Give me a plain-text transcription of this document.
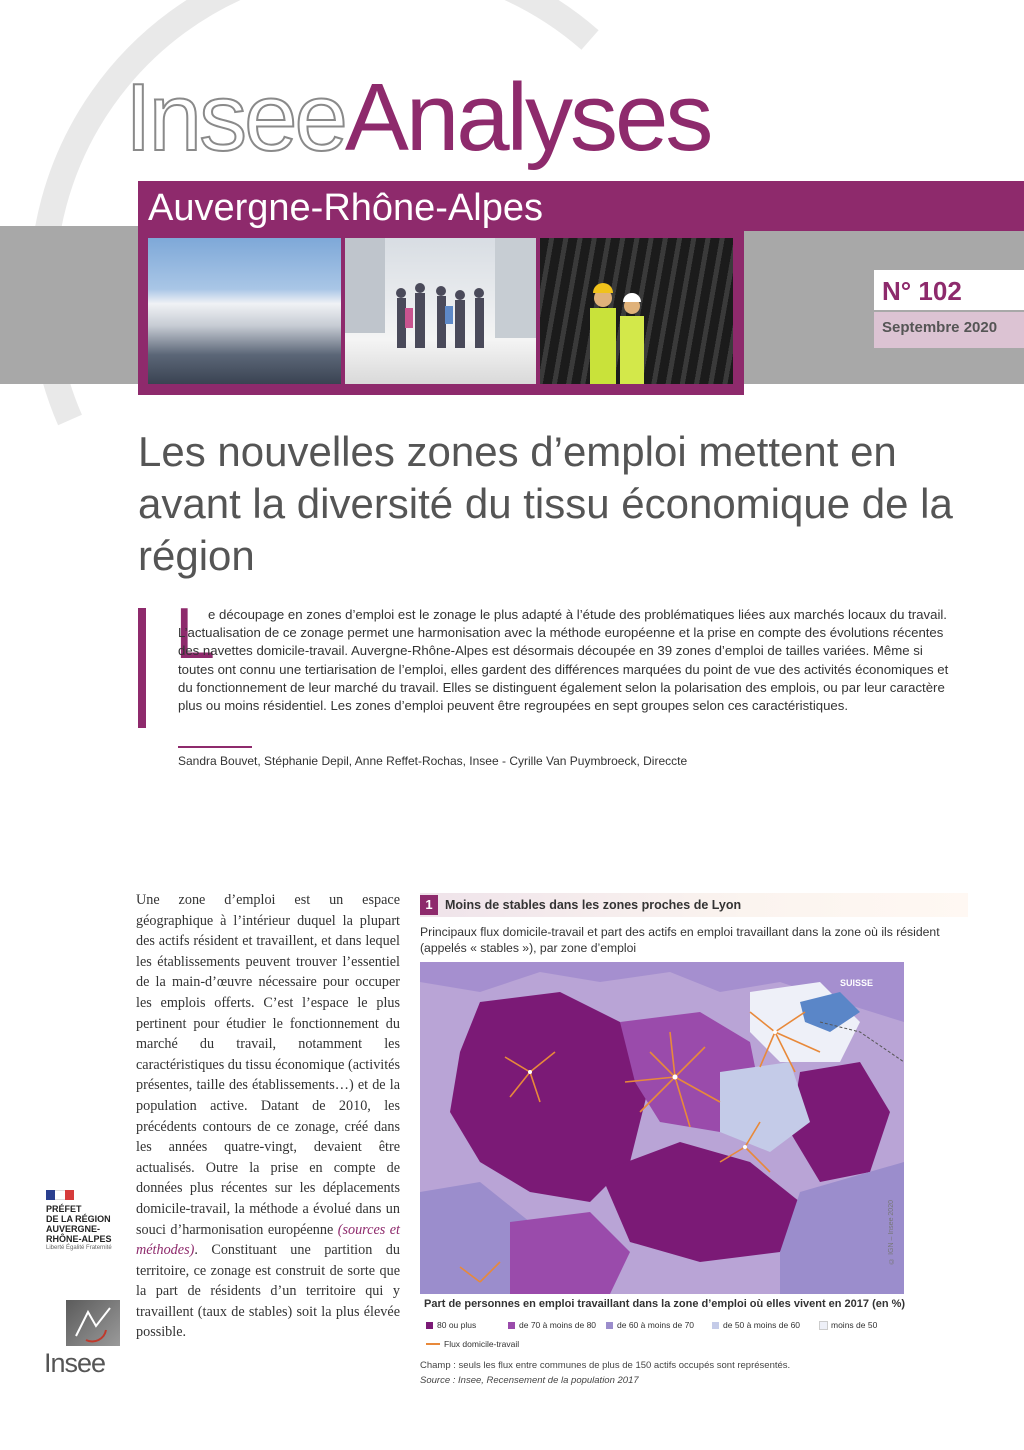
InseeAnalyses
Auvergne-Rhône-Alpes
N° 102
Septembre 2020
Les nouvelles zones d’emploi mettent en avant la diversité du tissu économique de la région
L
e découpage en zones d’emploi est le zonage le plus adapté à l’étude des problématiques liées aux marchés locaux du travail. L’actualisation de ce zonage permet une harmonisation avec la méthode européenne et la prise en compte des évolutions récentes des navettes domicile-travail. Auvergne-Rhône-Alpes est désormais découpée en 39 zones d’emploi de tailles variées. Même si toutes ont connu une tertiarisation de l’emploi, elles gardent des différences marquées du point de vue des activités économiques et du fonctionnement de leur marché du travail. Elles se distinguent également selon la polarisation des emplois, ou par leur caractère plus ou moins résidentiel. Les zones d’emploi peuvent être regroupées en sept groupes selon ces caractéristiques.
Sandra Bouvet, Stéphanie Depil, Anne Reffet-Rochas, Insee - Cyrille Van Puymbroeck, Direccte
Une zone d’emploi est un espace géographique à l’intérieur duquel la plupart des actifs résident et travaillent, et dans lequel les établissements peuvent trouver l’essentiel de la main-d’œuvre nécessaire pour occuper les emplois offerts. C’est l’espace le plus pertinent pour étudier le fonctionnement du marché du travail, notamment les caractéristiques du tissu économique (activités présentes, taille des établissements…) et de la population active. Datant de 2010, les précédents contours de ce zonage, créé dans les années quatre-vingt, devaient être actualisés. Outre la prise en compte de données plus récentes sur les déplacements domicile-travail, la méthode a évolué dans un souci d’harmonisation européenne (sources et méthodes). Constituant une partition du territoire, ce zonage est construit de sorte que la part de résidents d’un territoire qui y travaillent (taux de stables) soit la plus élevée possible.
PRÉFET
DE LA RÉGION
AUVERGNE-
RHÔNE-ALPES
Liberté Égalité Fraternité
Insee
1 Moins de stables dans les zones proches de Lyon
Principaux flux domicile-travail et part des actifs en emploi travaillant dans la zone où ils résident (appelés « stables »), par zone d’emploi
SUISSE
© IGN – Insee 2020
Part de personnes en emploi travaillant dans la zone d’emploi où elles vivent en 2017 (en %)
80 ou plus	de 70 à moins de 80 de 60 à moins de 70	de 50 à moins de 60	moins de 50
Flux domicile-travail
Champ : seuls les flux entre communes de plus de 150 actifs occupés sont représentés.
Source : Insee, Recensement de la population 2017
